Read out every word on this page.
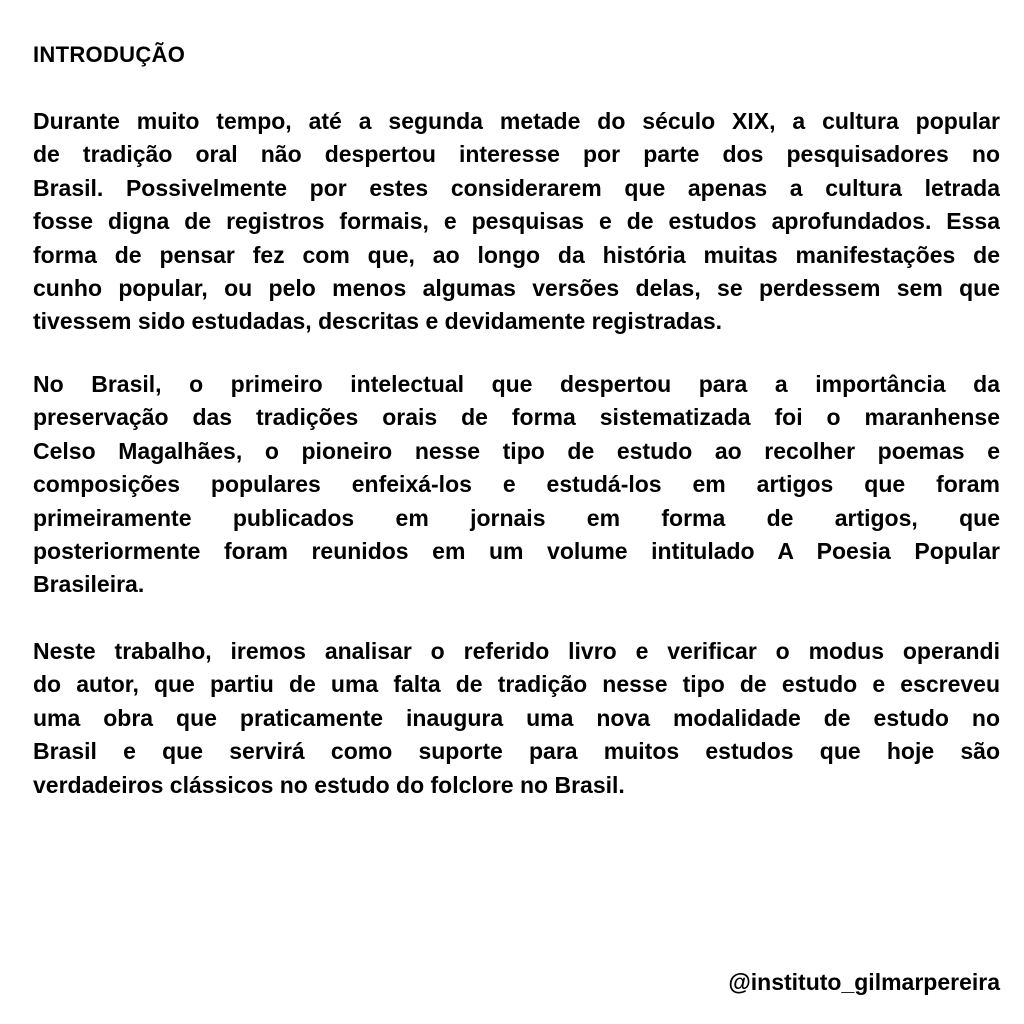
INTRODUÇÃO
Durante muito tempo, até a segunda metade do século XIX, a cultura popular
de tradição oral não despertou interesse por parte dos pesquisadores no
Brasil. Possivelmente por estes considerarem que apenas a cultura letrada
fosse digna de registros formais, e pesquisas e de estudos aprofundados. Essa
forma de pensar fez com que, ao longo da história muitas manifestações de
cunho popular, ou pelo menos algumas versões delas, se perdessem sem que
tivessem sido estudadas, descritas e devidamente registradas.
No Brasil, o primeiro intelectual que despertou para a importância da
preservação das tradições orais de forma sistematizada foi o maranhense
Celso Magalhães, o pioneiro nesse tipo de estudo ao recolher poemas e
composições populares enfeixá-los e estudá-los em artigos que foram
primeiramente publicados em jornais em forma de artigos, que
posteriormente foram reunidos em um volume intitulado A Poesia Popular
Brasileira.
Neste trabalho, iremos analisar o referido livro e verificar o modus operandi
do autor, que partiu de uma falta de tradição nesse tipo de estudo e escreveu
uma obra que praticamente inaugura uma nova modalidade de estudo no
Brasil e que servirá como suporte para muitos estudos que hoje são
verdadeiros clássicos no estudo do folclore no Brasil.
@instituto_gilmarpereira
